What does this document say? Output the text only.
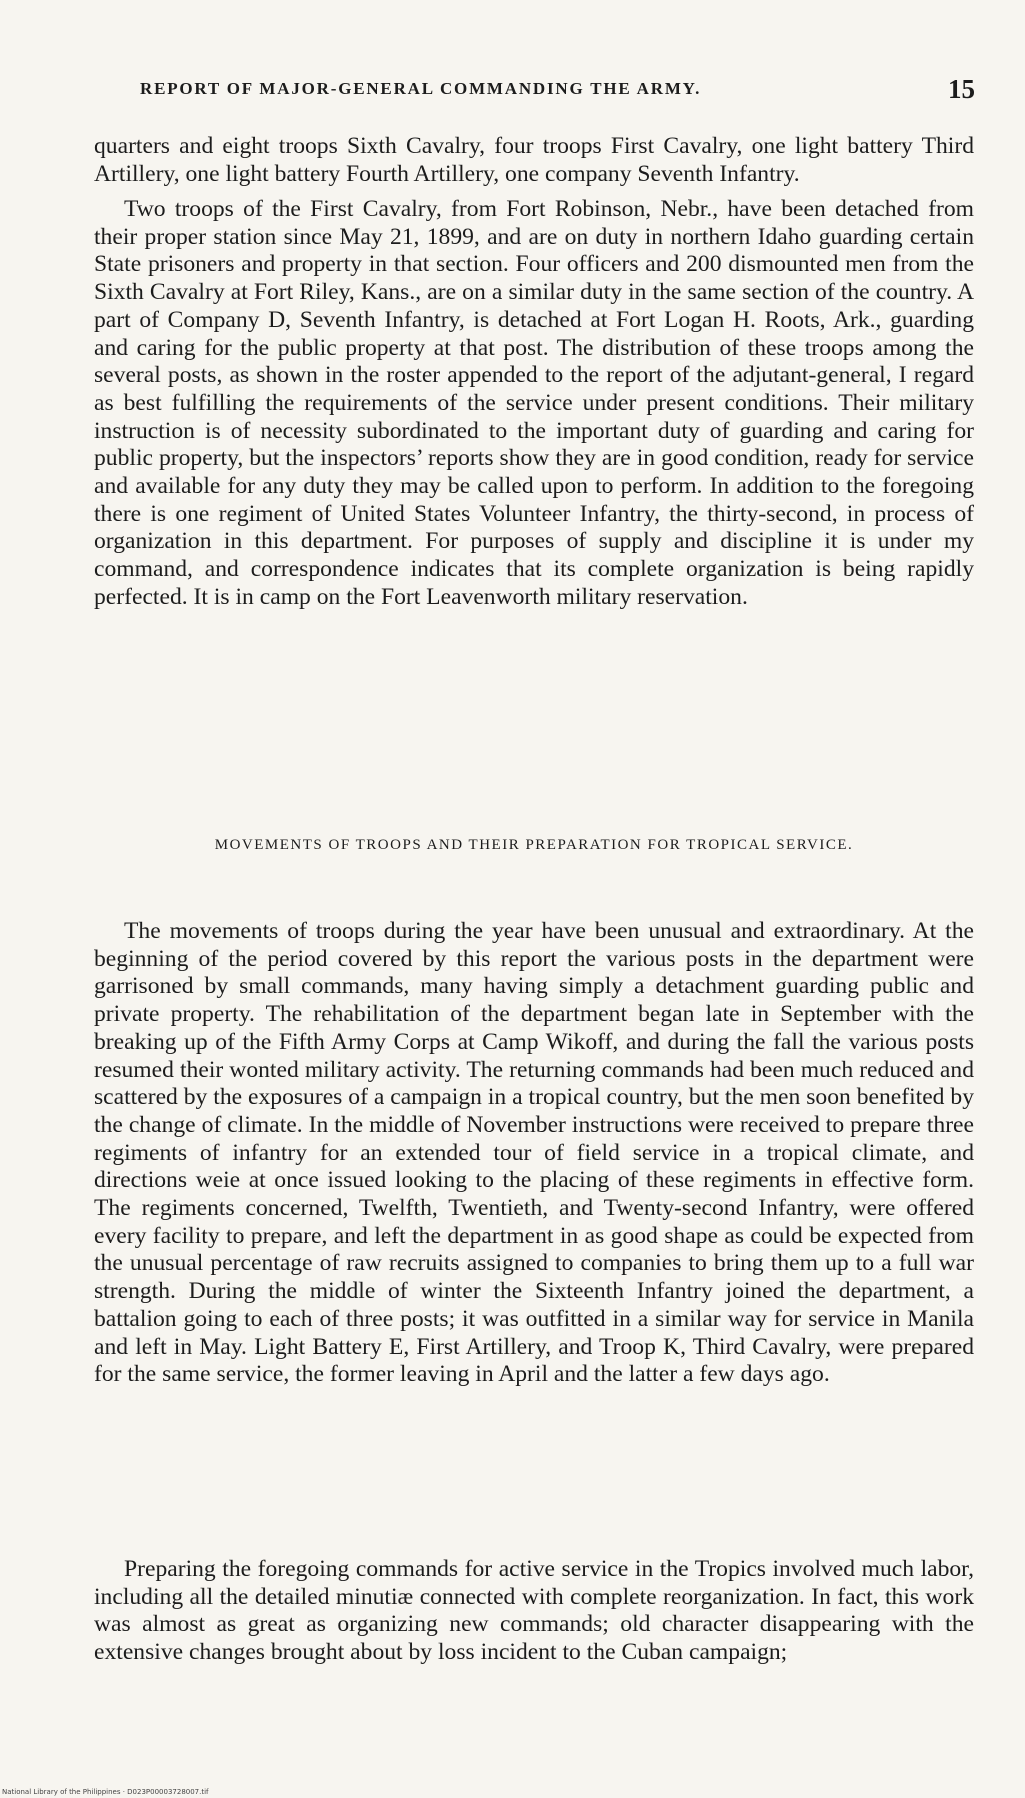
REPORT OF MAJOR-GENERAL COMMANDING THE ARMY.	15

quarters and eight troops Sixth Cavalry, four troops First Cavalry, one light battery Third Artillery, one light battery Fourth Artillery, one company Seventh Infantry.

Two troops of the First Cavalry, from Fort Robinson, Nebr., have been detached from their proper station since May 21, 1899, and are on duty in northern Idaho guarding certain State prisoners and property in that section. Four officers and 200 dismounted men from the Sixth Cavalry at Fort Riley, Kans., are on a similar duty in the same section of the country. A part of Company D, Seventh Infantry, is detached at Fort Logan H. Roots, Ark., guarding and caring for the public property at that post. The distribution of these troops among the several posts, as shown in the roster appended to the report of the adjutant-general, I regard as best fulfilling the requirements of the service under present conditions. Their military instruction is of necessity subordinated to the important duty of guarding and caring for public property, but the inspectors’ reports show they are in good condition, ready for service and available for any duty they may be called upon to perform. In addition to the foregoing there is one regiment of United States Volunteer Infantry, the thirty-second, in process of organization in this department. For purposes of supply and discipline it is under my command, and correspondence indicates that its complete organization is being rapidly perfected. It is in camp on the Fort Leavenworth military reservation.

MOVEMENTS OF TROOPS AND THEIR PREPARATION FOR TROPICAL SERVICE.

The movements of troops during the year have been unusual and extraordinary. At the beginning of the period covered by this report the various posts in the department were garrisoned by small commands, many having simply a detachment guarding public and private property. The rehabilitation of the department began late in September with the breaking up of the Fifth Army Corps at Camp Wikoff, and during the fall the various posts resumed their wonted military activity. The returning commands had been much reduced and scattered by the exposures of a campaign in a tropical country, but the men soon benefited by the change of climate. In the middle of November instructions were received to prepare three regiments of infantry for an extended tour of field service in a tropical climate, and directions weie at once issued looking to the placing of these regiments in effective form. The regiments concerned, Twelfth, Twentieth, and Twenty-second Infantry, were offered every facility to prepare, and left the department in as good shape as could be expected from the unusual percentage of raw recruits assigned to companies to bring them up to a full war strength. During the middle of winter the Sixteenth Infantry joined the department, a battalion going to each of three posts; it was outfitted in a similar way for service in Manila and left in May. Light Battery E, First Artillery, and Troop K, Third Cavalry, were prepared for the same service, the former leaving in April and the latter a few days ago.

Preparing the foregoing commands for active service in the Tropics involved much labor, including all the detailed minutiæ connected with complete reorganization. In fact, this work was almost as great as organizing new commands; old character disappearing with the extensive changes brought about by loss incident to the Cuban campaign;

National Library of the Philippines · D023P00003728007.tif
